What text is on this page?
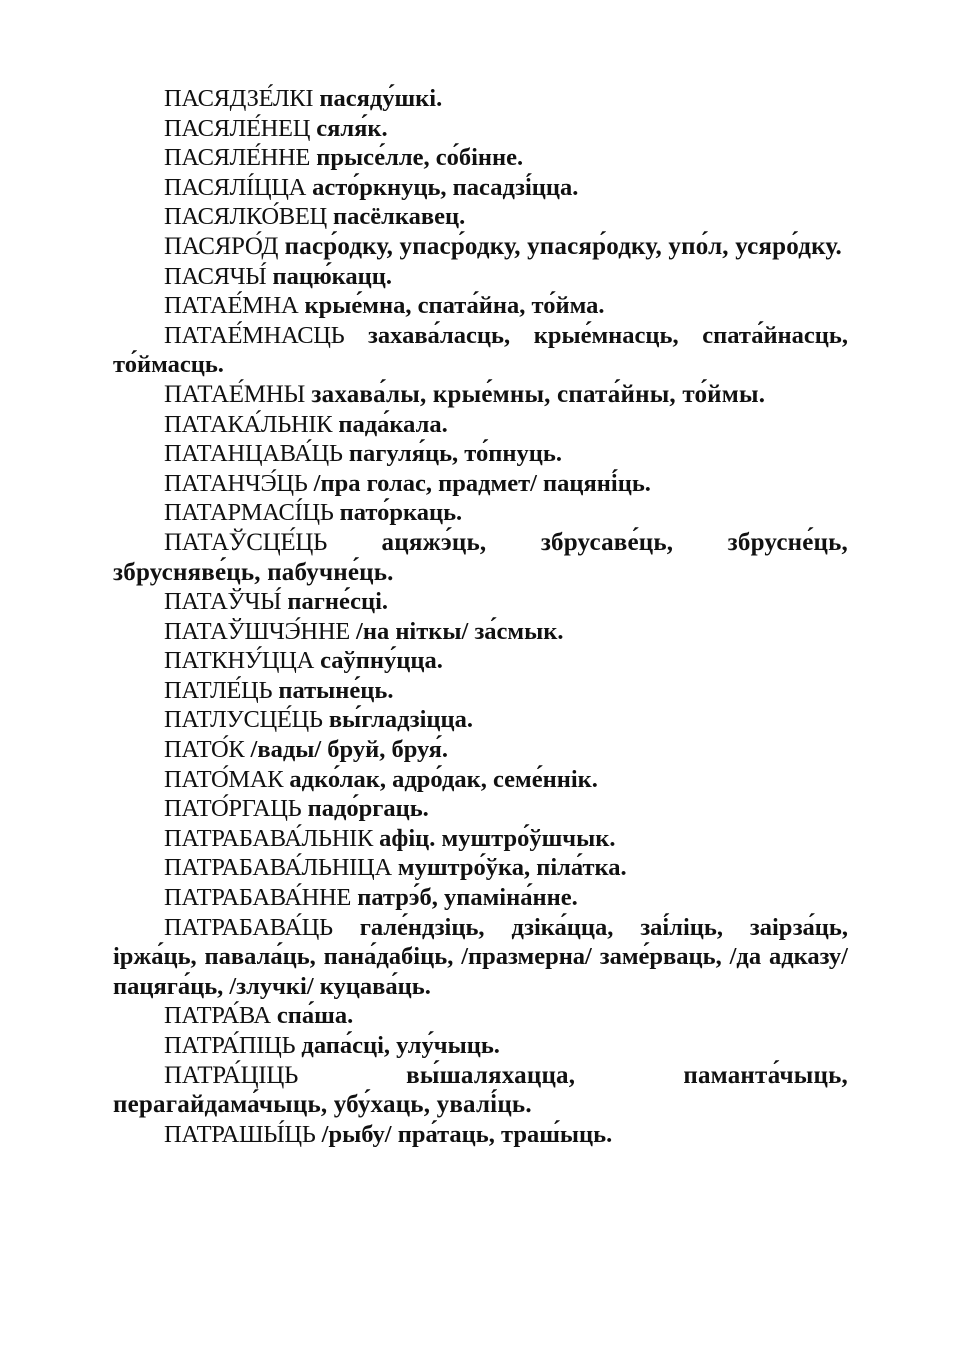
ПАСЯДЗЕ́ЛКІ пасяду́шкі.

ПАСЯЛЕ́НЕЦ сяля́к.

ПАСЯЛЕ́ННЕ прысе́лле, со́бінне.

ПАСЯЛІ́ЦЦА асто́ркнуць, пасадзі́цца.

ПАСЯЛКО́ВЕЦ пасёлкавец.

ПАСЯРО́Д паср́одку, упаср́одку, упасяр́одку, упо́л, усяро́дку.

ПАСЯЧЫ́ пацю́кацц.

ПАТАЕ́МНА крые́мна, спата́йна, то́йма.

ПАТАЕ́МНАСЦЬ захава́ласць, крые́мнасць, спата́йнасць, то́ймасць.

ПАТАЕ́МНЫ захава́лы, крые́мны, спата́йны, то́ймы.

ПАТАКА́ЛЬНІК пада́кала.

ПАТАНЦАВА́ЦЬ пагуля́ць, то́пнуць.

ПАТАНЧЭ́ЦЬ /пра голас, прадмет/ пацяні́ць.

ПАТАРМАСІ́ЦЬ пато́ркаць.

ПАТАЎСЦЕ́ЦЬ ацяжэ́ць, збрусаве́ць, збрусне́ць, збрусняве́ць, пабучне́ць.

ПАТАЎЧЫ́ пагне́сці.

ПАТАЎШЧЭ́ННЕ /на ніткы/ за́смык.

ПАТКНУ́ЦЦА саўпну́цца.

ПАТЛЕ́ЦЬ патыне́ць.

ПАТЛУСЦЕ́ЦЬ вы́гладзіцца.

ПАТО́К /вады/ бруй, бруя́.

ПАТО́МАК адко́лак, адро́дак, семе́ннік.

ПАТО́РГАЦЬ падо́ргаць.

ПАТРАБАВА́ЛЬНІК афіц. муштро́ўшчык.

ПАТРАБАВА́ЛЬНІЦА муштро́ўка, піла́тка.

ПАТРАБАВА́ННЕ патрэ́б, упаміна́нне.

ПАТРАБАВА́ЦЬ гале́ндзіць, дзіка́цца, заі́ліць, заірза́ць, іржа́ць, павала́ць, пана́дабіць, /празмерна/ заме́рваць, /да адказу/ пацяга́ць, /злучкі/ куцава́ць.

ПАТРА́ВА спа́ша.

ПАТРА́ПІЦЬ дапа́сці, улу́чыць.

ПАТРА́ЦІЦЬ вы́шаляхацца, паманта́чыць, перагайдама́чыць, убу́хаць, увалі́ць.

ПАТРАШЫ́ЦЬ /рыбу/ пра́таць, траш́ыць.
